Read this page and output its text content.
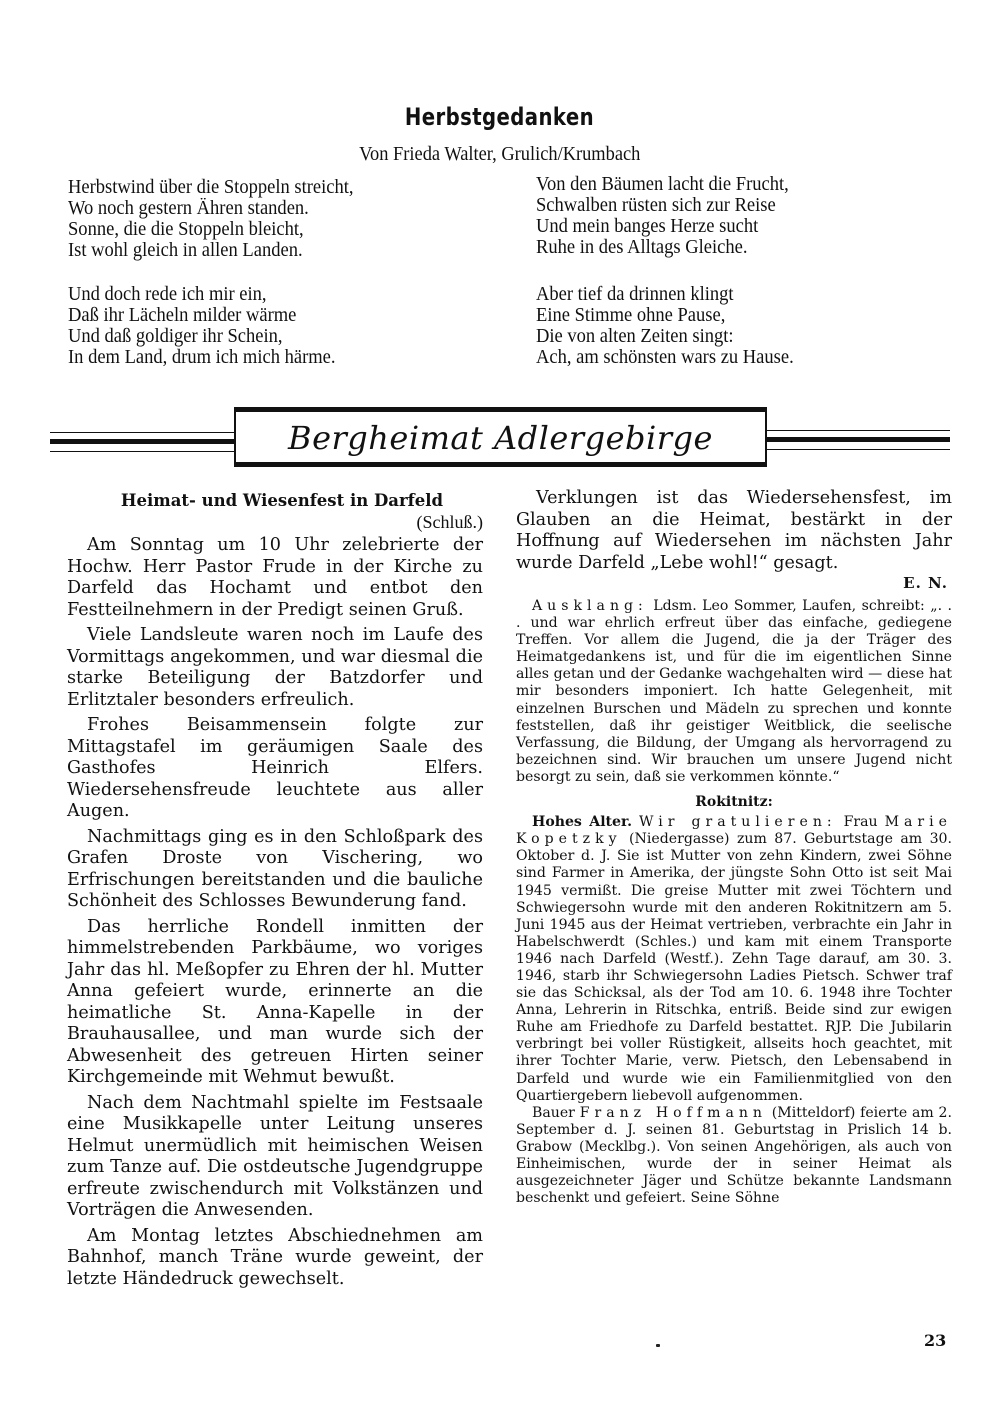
Herbstgedanken
Von Frieda Walter, Grulich/Krumbach
Herbstwind über die Stoppeln streicht,
Wo noch gestern Ähren standen.
Sonne, die die Stoppeln bleicht,
Ist wohl gleich in allen Landen.
Von den Bäumen lacht die Frucht,
Schwalben rüsten sich zur Reise
Und mein banges Herze sucht
Ruhe in des Alltags Gleiche.
Und doch rede ich mir ein,
Daß ihr Lächeln milder wärme
Und daß goldiger ihr Schein,
In dem Land, drum ich mich härme.
Aber tief da drinnen klingt
Eine Stimme ohne Pause,
Die von alten Zeiten singt:
Ach, am schönsten wars zu Hause.
Bergheimat Adlergebirge
Heimat- und Wiesenfest in Darfeld
(Schluß.)

Am Sonntag um 10 Uhr zelebrierte der Hochw. Herr Pastor Frude in der Kirche zu Darfeld das Hochamt und entbot den Festteilnehmern in der Predigt seinen Gruß.

Viele Landsleute waren noch im Laufe des Vormittags angekommen, und war diesmal die starke Beteiligung der Batzdorfer und Erlitztaler besonders erfreulich.

Frohes Beisammensein folgte zur Mittagstafel im geräumigen Saale des Gasthofes Heinrich Elfers. Wiedersehensfreude leuchtete aus aller Augen.

Nachmittags ging es in den Schloßpark des Grafen Droste von Vischering, wo Erfrischungen bereitstanden und die bauliche Schönheit des Schlosses Bewunderung fand.

Das herrliche Rondell inmitten der himmelstrebenden Parkbäume, wo voriges Jahr das hl. Meßopfer zu Ehren der hl. Mutter Anna gefeiert wurde, erinnerte an die heimatliche St. Anna-Kapelle in der Brauhausallee, und man wurde sich der Abwesenheit des getreuen Hirten seiner Kirchgemeinde mit Wehmut bewußt.

Nach dem Nachtmahl spielte im Festsaale eine Musikkapelle unter Leitung unseres Helmut unermüdlich mit heimischen Weisen zum Tanze auf. Die ostdeutsche Jugendgruppe erfreute zwischendurch mit Volkstänzen und Vorträgen die Anwesenden.

Am Montag letztes Abschiednehmen am Bahnhof, manch Träne wurde geweint, der letzte Händedruck gewechselt.

Verklungen ist das Wiedersehensfest, im Glauben an die Heimat, bestärkt in der Hoffnung auf Wiedersehen im nächsten Jahr wurde Darfeld „Lebe wohl!“ gesagt.

E. N.

Ausklang: Ldsm. Leo Sommer, Laufen, schreibt: „. . . und war ehrlich erfreut über das einfache, gediegene Treffen. Vor allem die Jugend, die ja der Träger des Heimatgedankens ist, und für die im eigentlichen Sinne alles getan und der Gedanke wachgehalten wird — diese hat mir besonders imponiert. Ich hatte Gelegenheit, mit einzelnen Burschen und Mädeln zu sprechen und konnte feststellen, daß ihr geistiger Weitblick, die seelische Verfassung, die Bildung, der Umgang als hervorragend zu bezeichnen sind. Wir brauchen um unsere Jugend nicht besorgt zu sein, daß sie verkommen könnte.“

Rokitnitz:

Hohes Alter. Wir gratulieren: Frau Marie Kopetzky (Niedergasse) zum 87. Geburtstage am 30. Oktober d. J. Sie ist Mutter von zehn Kindern, zwei Söhne sind Farmer in Amerika, der jüngste Sohn Otto ist seit Mai 1945 vermißt. Die greise Mutter mit zwei Töchtern und Schwiegersohn wurde mit den anderen Rokitnitzern am 5. Juni 1945 aus der Heimat vertrieben, verbrachte ein Jahr in Habelschwerdt (Schles.) und kam mit einem Transporte 1946 nach Darfeld (Westf.). Zehn Tage darauf, am 30. 3. 1946, starb ihr Schwiegersohn Ladies Pietsch. Schwer traf sie das Schicksal, als der Tod am 10. 6. 1948 ihre Tochter Anna, Lehrerin in Ritschka, entriß. Beide sind zur ewigen Ruhe am Friedhofe zu Darfeld bestattet. RJP. Die Jubilarin verbringt bei voller Rüstigkeit, allseits hoch geachtet, mit ihrer Tochter Marie, verw. Pietsch, den Lebensabend in Darfeld und wurde wie ein Familienmitglied von den Quartiergebern liebevoll aufgenommen.

Bauer Franz Hoffmann (Mitteldorf) feierte am 2. September d. J. seinen 81. Geburtstag in Prislich 14 b. Grabow (Mecklbg.). Von seinen Angehörigen, als auch von Einheimischen, wurde der in seiner Heimat als ausgezeichneter Jäger und Schütze bekannte Landsmann beschenkt und gefeiert. Seine Söhne

23
